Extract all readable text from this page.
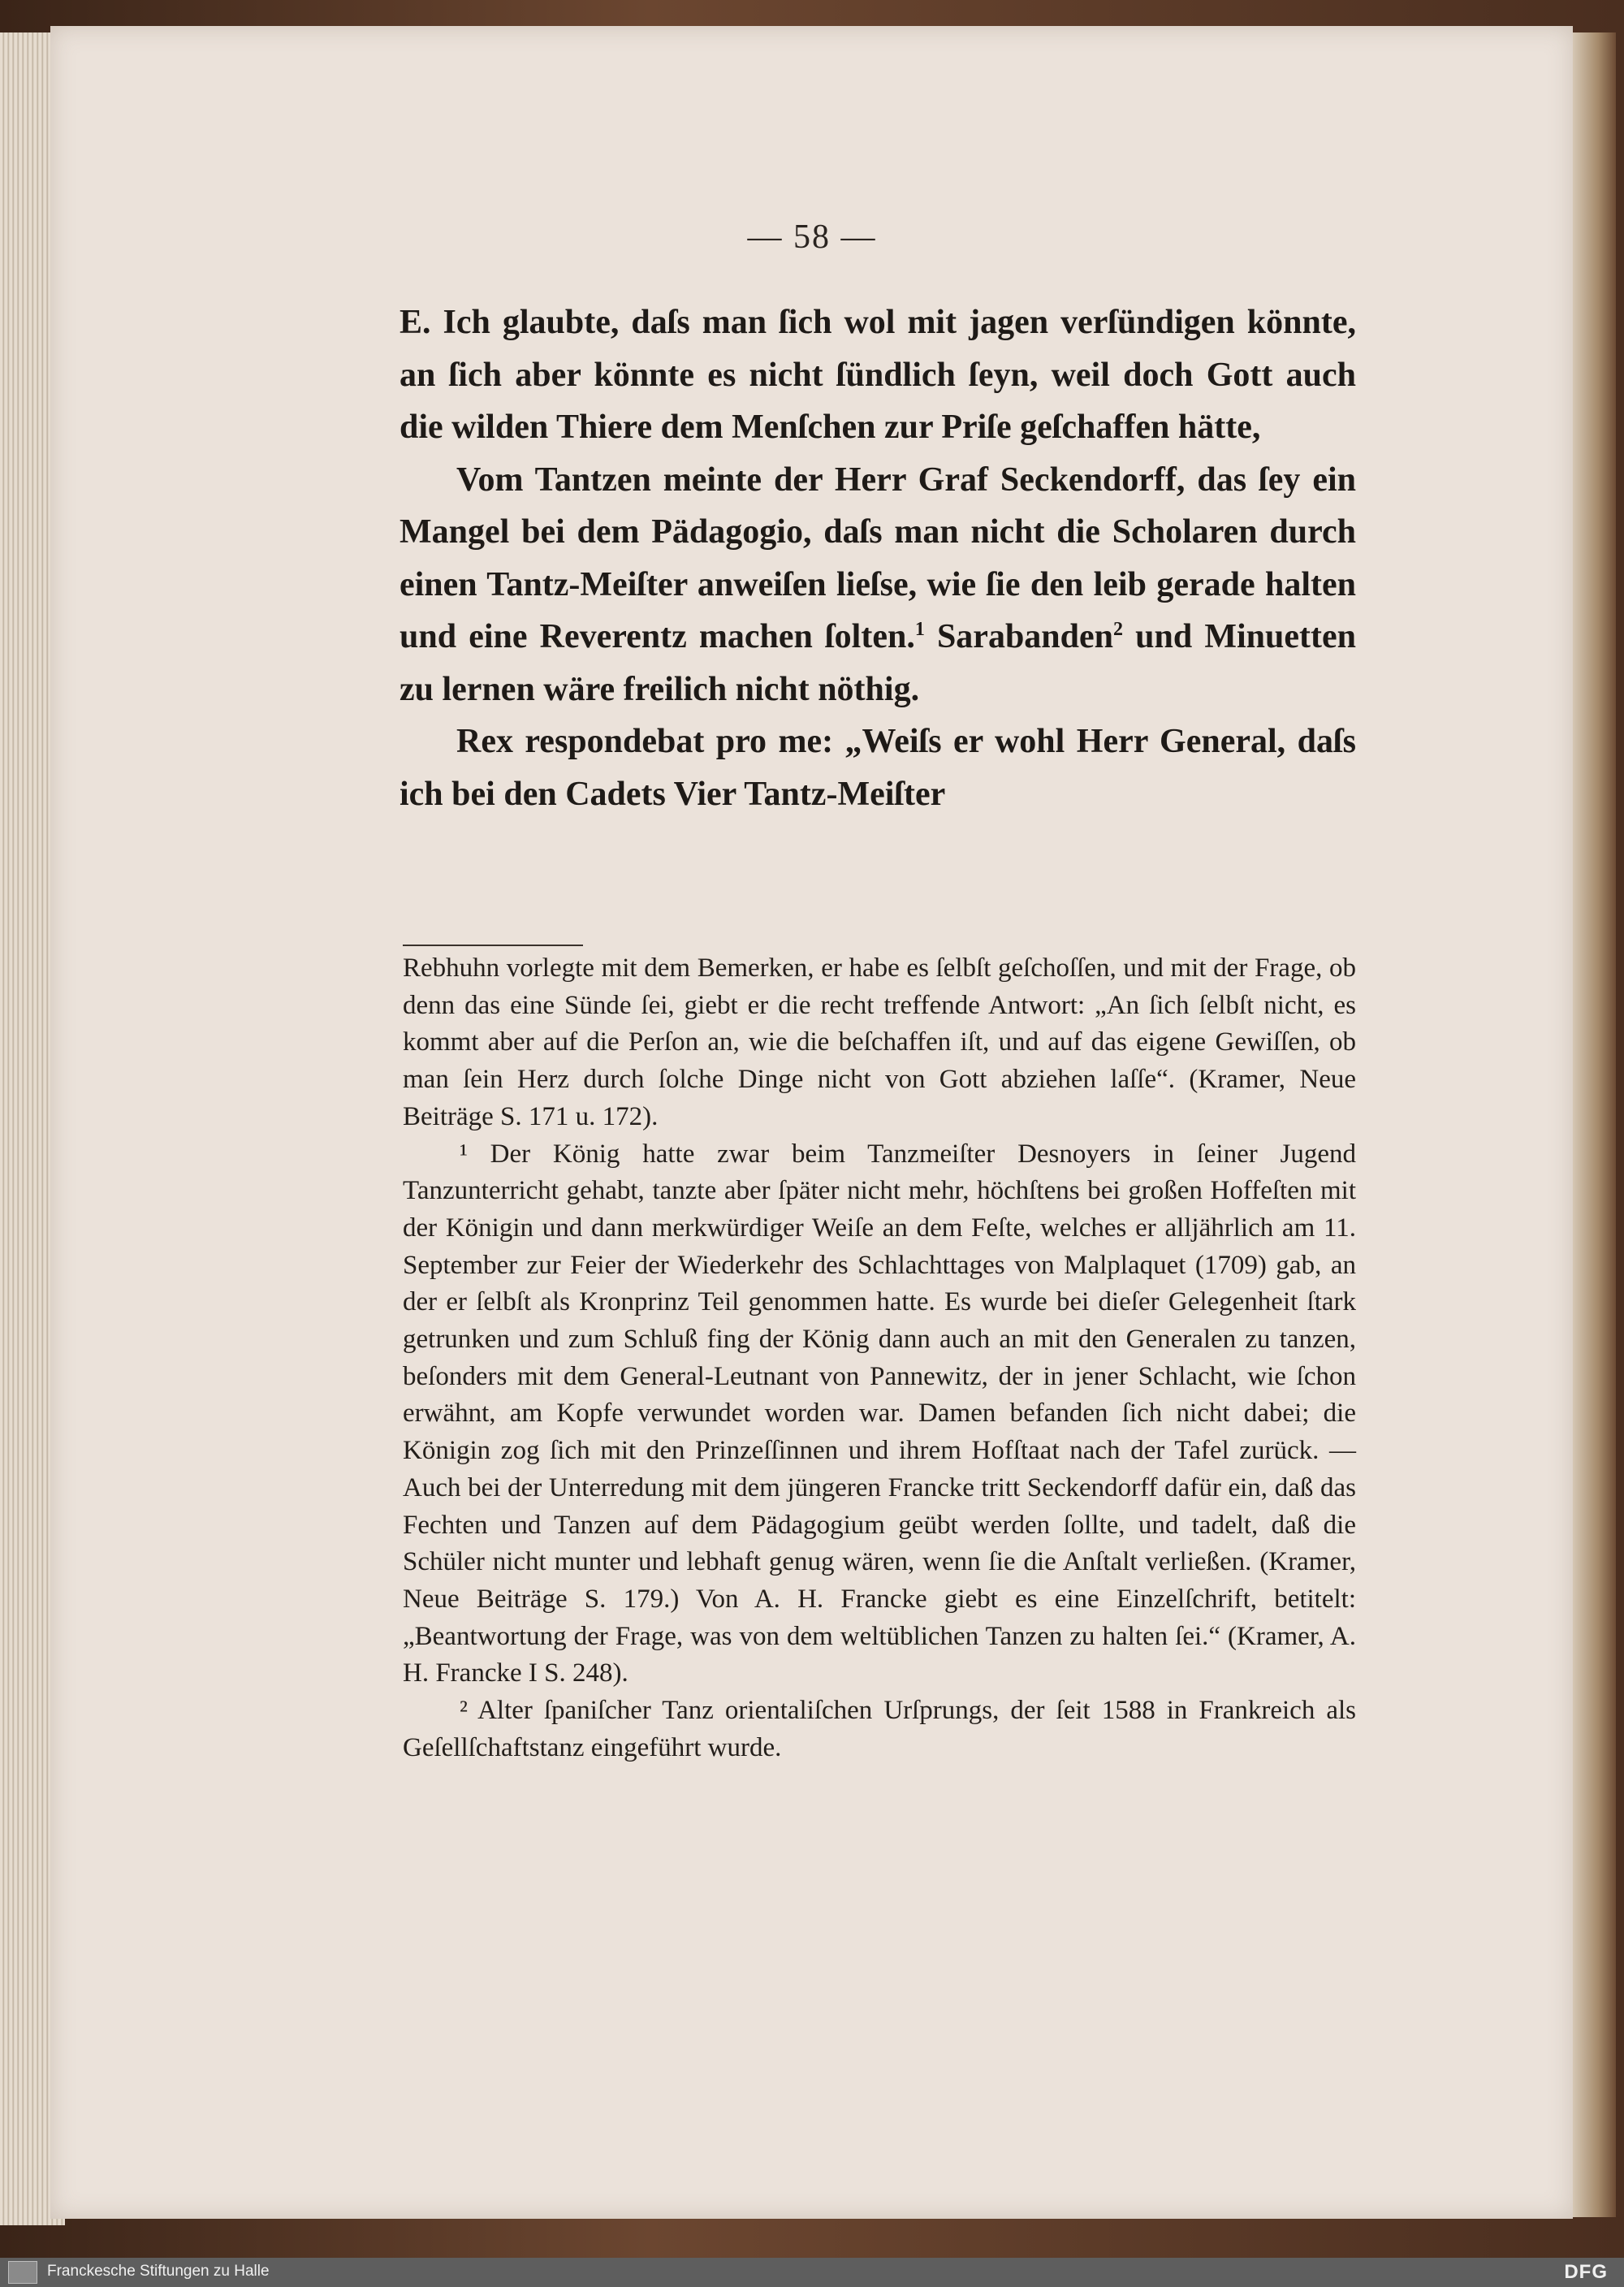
— 58 —

E. Ich glaubte, daſs man ſich wol mit jagen verſündigen könnte, an ſich aber könnte es nicht ſündlich ſeyn, weil doch Gott auch die wilden Thiere dem Menſchen zur Priſe geſchaffen hätte,

Vom Tantzen meinte der Herr Graf Seckendorff, das ſey ein Mangel bei dem Pädagogio, daſs man nicht die Scholaren durch einen Tantz-Meiſter anweiſen lieſse, wie ſie den leib gerade halten und eine Reverentz machen ſolten.$^1$ Sarabanden$^2$ und Minuetten zu lernen wäre freilich nicht nöthig.

Rex respondebat pro me: „Weiſs er wohl Herr General, daſs ich bei den Cadets Vier Tantz-Meiſter

Rebhuhn vorlegte mit dem Bemerken, er habe es ſelbſt geſchoſſen, und mit der Frage, ob denn das eine Sünde ſei, giebt er die recht treffende Antwort: „An ſich ſelbſt nicht, es kommt aber auf die Perſon an, wie die beſchaffen iſt, und auf das eigene Gewiſſen, ob man ſein Herz durch ſolche Dinge nicht von Gott abziehen laſſe“. (Kramer, Neue Beiträge S. 171 u. 172).

¹ Der König hatte zwar beim Tanzmeiſter Desnoyers in ſeiner Jugend Tanzunterricht gehabt, tanzte aber ſpäter nicht mehr, höchſtens bei großen Hoffeſten mit der Königin und dann merkwürdiger Weiſe an dem Feſte, welches er alljährlich am 11. September zur Feier der Wiederkehr des Schlachttages von Malplaquet (1709) gab, an der er ſelbſt als Kronprinz Teil genommen hatte. Es wurde bei dieſer Gelegenheit ſtark getrunken und zum Schluß fing der König dann auch an mit den Generalen zu tanzen, beſonders mit dem General-Leutnant von Pannewitz, der in jener Schlacht, wie ſchon erwähnt, am Kopfe verwundet worden war. Damen befanden ſich nicht dabei; die Königin zog ſich mit den Prinzeſſinnen und ihrem Hofſtaat nach der Tafel zurück. — Auch bei der Unterredung mit dem jüngeren Francke tritt Seckendorff dafür ein, daß das Fechten und Tanzen auf dem Pädagogium geübt werden ſollte, und tadelt, daß die Schüler nicht munter und lebhaft genug wären, wenn ſie die Anſtalt verließen. (Kramer, Neue Beiträge S. 179.) Von A. H. Francke giebt es eine Einzelſchrift, betitelt: „Beantwortung der Frage, was von dem weltüblichen Tanzen zu halten ſei.“ (Kramer, A. H. Francke I S. 248).

² Alter ſpaniſcher Tanz orientaliſchen Urſprungs, der ſeit 1588 in Frankreich als Geſellſchaftstanz eingeführt wurde.

Franckesche Stiftungen zu Halle	DFG
